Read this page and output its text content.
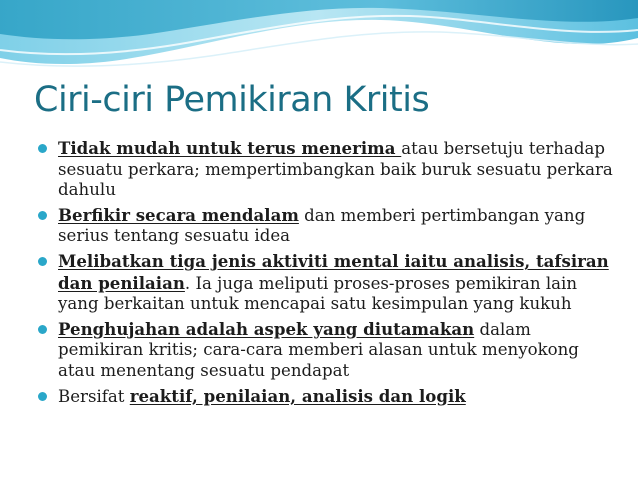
Ciri-ciri Pemikiran Kritis
Tidak mudah untuk terus menerima atau bersetuju terhadap sesuatu perkara; mempertimbangkan baik buruk sesuatu perkara dahulu
Berfikir secara mendalam dan memberi pertimbangan yang serius tentang sesuatu idea
Melibatkan tiga jenis aktiviti mental iaitu analisis, tafsiran dan penilaian. Ia juga meliputi proses-proses pemikiran lain yang berkaitan untuk mencapai satu kesimpulan yang kukuh
Penghujahan adalah aspek yang diutamakan dalam pemikiran kritis; cara-cara memberi alasan untuk menyokong atau menentang sesuatu pendapat
Bersifat reaktif, penilaian, analisis dan logik
